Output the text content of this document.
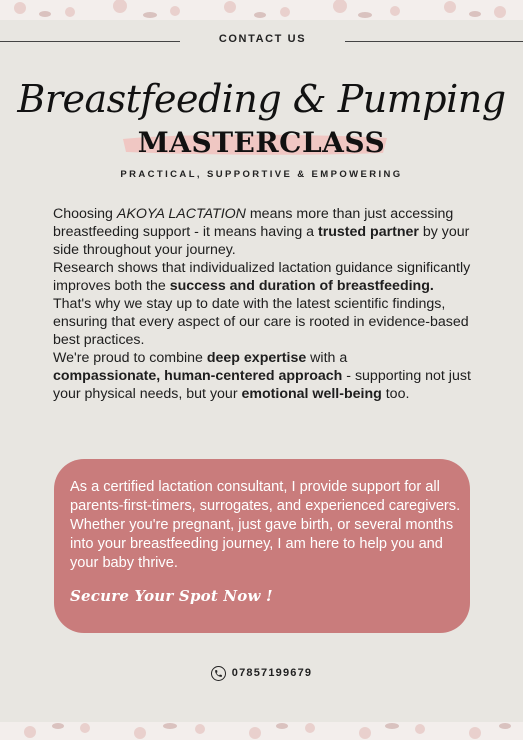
CONTACT US
Breastfeeding & Pumping
MASTERCLASS
PRACTICAL, SUPPORTIVE & EMPOWERING

Choosing AKOYA LACTATION means more than just accessing breastfeeding support - it means having a trusted partner by your side throughout your journey.

Research shows that individualized lactation guidance significantly improves both the success and duration of breastfeeding.

That's why we stay up to date with the latest scientific findings, ensuring that every aspect of our care is rooted in evidence-based best practices.

We're proud to combine deep expertise with a
compassionate, human-centered approach - supporting not just your physical needs, but your emotional well-being too.

As a certified lactation consultant, I provide support for all parents-first-timers, surrogates, and experienced caregivers. Whether you're pregnant, just gave birth, or several months into your breastfeeding journey, I am here to help you and your baby thrive.
Secure Your Spot Now !
07857199679
